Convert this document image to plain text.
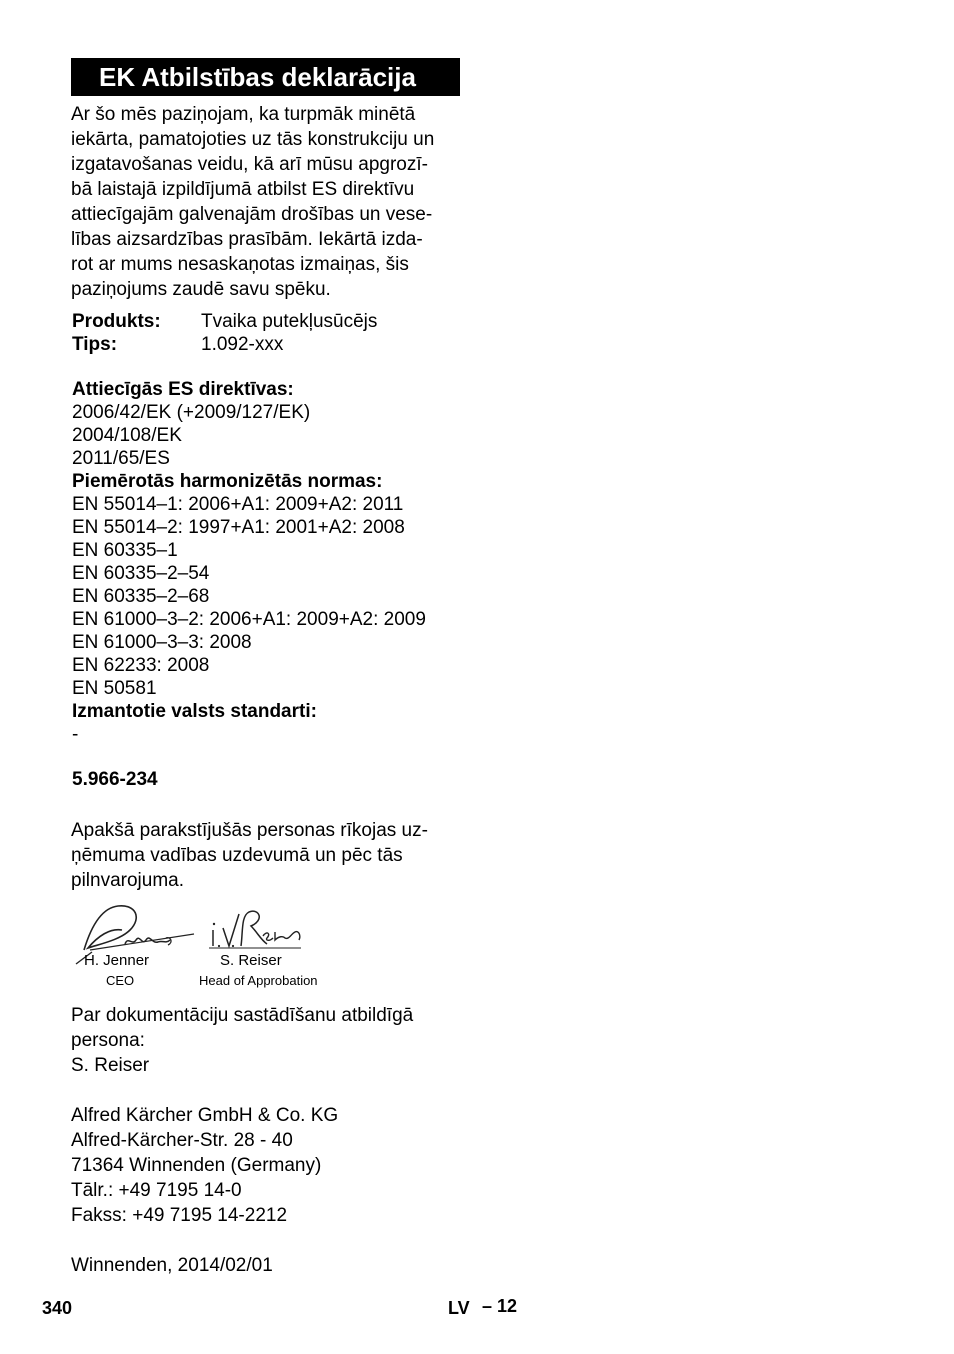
EK Atbilstības deklarācija

Ar šo mēs paziņojam, ka turpmāk minētā
iekārta, pamatojoties uz tās konstrukciju un
izgatavošanas veidu, kā arī mūsu apgrozī-
bā laistajā izpildījumā atbilst ES direktīvu
attiecīgajām galvenajām drošības un vese-
lības aizsardzības prasībām. Iekārtā izda-
rot ar mums nesaskaņotas izmaiņas, šis
paziņojums zaudē savu spēku.

Produkts: Tvaika putekļusūcējs
Tips:	1.092-xxx
Attiecīgās ES direktīvas:
2006/42/EK (+2009/127/EK)
2004/108/EK
2011/65/ES
Piemērotās harmonizētās normas:
EN 55014–1: 2006+A1: 2009+A2: 2011
EN 55014–2: 1997+A1: 2001+A2: 2008
EN 60335–1
EN 60335–2–54
EN 60335–2–68
EN 61000–3–2: 2006+A1: 2009+A2: 2009
EN 61000–3–3: 2008
EN 62233: 2008
EN 50581
Izmantotie valsts standarti:
-
5.966-234

Apakšā parakstījušās personas rīkojas uz-
ņēmuma vadības uzdevumā un pēc tās
pilnvarojuma.

H. Jenner
CEO
S. Reiser
Head of Approbation

Par dokumentāciju sastādīšanu atbildīgā
persona:
S. Reiser

Alfred Kärcher GmbH & Co. KG
Alfred-Kärcher-Str. 28 - 40
71364 Winnenden (Germany)
Tālr.: +49 7195 14-0
Fakss: +49 7195 14-2212

Winnenden, 2014/02/01

340	LV – 12
